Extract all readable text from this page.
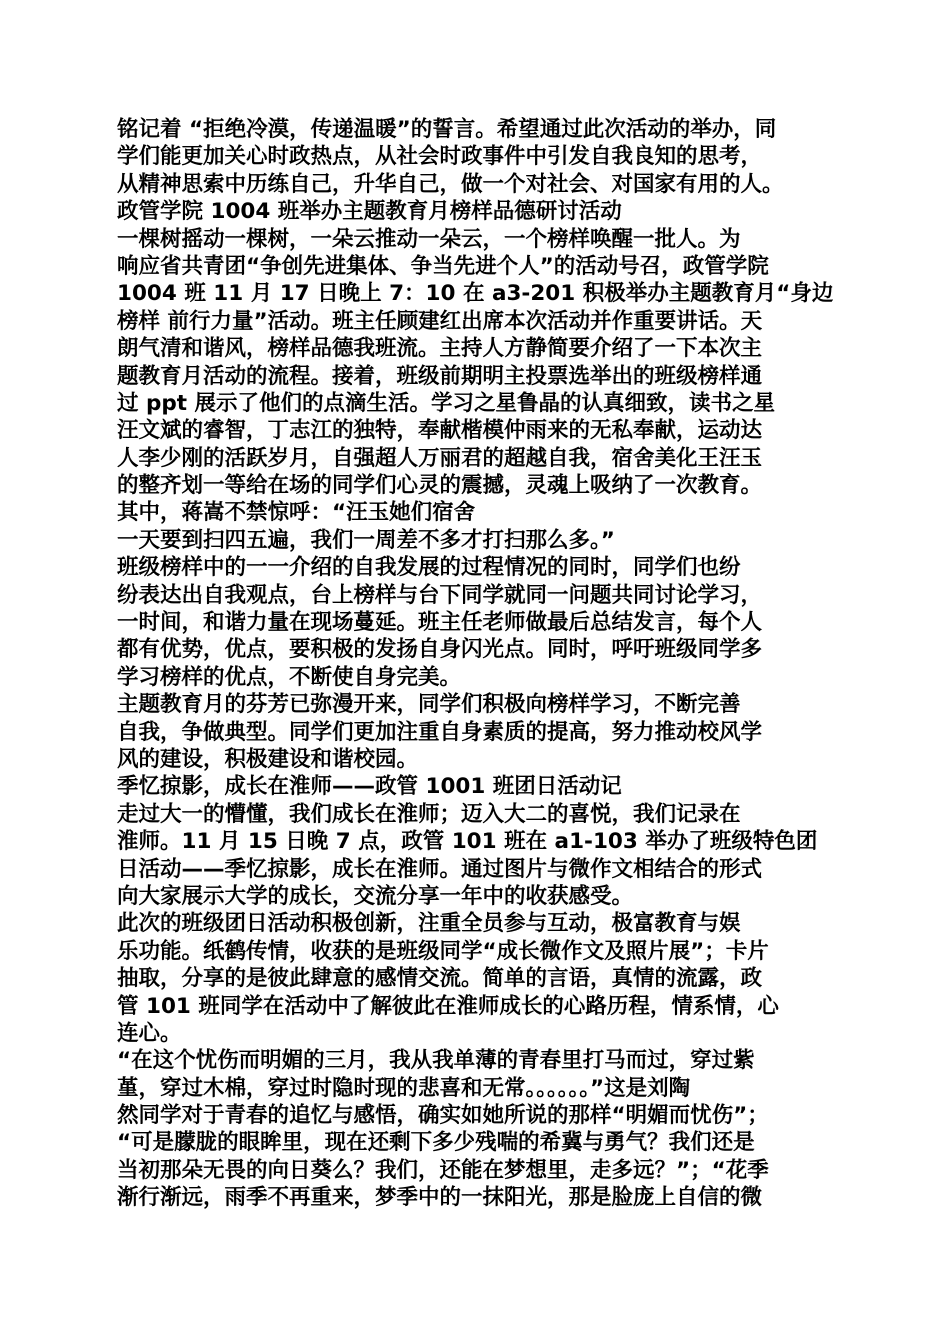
铭记着 “拒绝冷漠，传递温暖”的誓言。希望通过此次活动的举办，同
学们能更加关心时政热点，从社会时政事件中引发自我良知的思考，
从精神思索中历练自己，升华自己，做一个对社会、对国家有用的人。
政管学院 1004 班举办主题教育月榜样品德研讨活动
一棵树摇动一棵树，一朵云推动一朵云，一个榜样唤醒一批人。为
响应省共青团“争创先进集体、争当先进个人”的活动号召，政管学院
1004 班 11 月 17 日晚上 7：10 在 a3-201 积极举办主题教育月“身边
榜样 前行力量”活动。班主任顾建红出席本次活动并作重要讲话。天
朗气清和谐风，榜样品德我班流。主持人方静简要介绍了一下本次主
题教育月活动的流程。接着，班级前期明主投票选举出的班级榜样通
过 ppt 展示了他们的点滴生活。学习之星鲁晶的认真细致，读书之星
汪文斌的睿智，丁志江的独特，奉献楷模仲雨来的无私奉献，运动达
人李少刚的活跃岁月，自强超人万丽君的超越自我，宿舍美化王汪玉
的整齐划一等给在场的同学们心灵的震撼，灵魂上吸纳了一次教育。
其中，蒋嵩不禁惊呼：“汪玉她们宿舍
一天要到扫四五遍，我们一周差不多才打扫那么多。”
班级榜样中的一一介绍的自我发展的过程情况的同时，同学们也纷
纷表达出自我观点，台上榜样与台下同学就同一问题共同讨论学习，
一时间，和谐力量在现场蔓延。班主任老师做最后总结发言，每个人
都有优势，优点，要积极的发扬自身闪光点。同时，呼吁班级同学多
学习榜样的优点，不断使自身完美。
主题教育月的芬芳已弥漫开来，同学们积极向榜样学习，不断完善
自我，争做典型。同学们更加注重自身素质的提高，努力推动校风学
风的建设，积极建设和谐校园。
季忆掠影，成长在淮师——政管 1001 班团日活动记
走过大一的懵懂，我们成长在淮师；迈入大二的喜悦，我们记录在
淮师。11 月 15 日晚 7 点，政管 101 班在 a1-103 举办了班级特色团
日活动——季忆掠影，成长在淮师。通过图片与微作文相结合的形式
向大家展示大学的成长，交流分享一年中的收获感受。
此次的班级团日活动积极创新，注重全员参与互动，极富教育与娱
乐功能。纸鹤传情，收获的是班级同学“成长微作文及照片展”；卡片
抽取，分享的是彼此肆意的感情交流。简单的言语，真情的流露，政
管 101 班同学在活动中了解彼此在淮师成长的心路历程，情系情，心
连心。
“在这个忧伤而明媚的三月，我从我单薄的青春里打马而过，穿过紫
堇，穿过木棉，穿过时隐时现的悲喜和无常。。。。。。”这是刘陶
然同学对于青春的追忆与感悟，确实如她所说的那样“明媚而忧伤”；
“可是朦胧的眼眸里，现在还剩下多少残喘的希冀与勇气？我们还是
当初那朵无畏的向日葵么？我们，还能在梦想里，走多远？”；“花季
渐行渐远，雨季不再重来，梦季中的一抹阳光，那是脸庞上自信的微
